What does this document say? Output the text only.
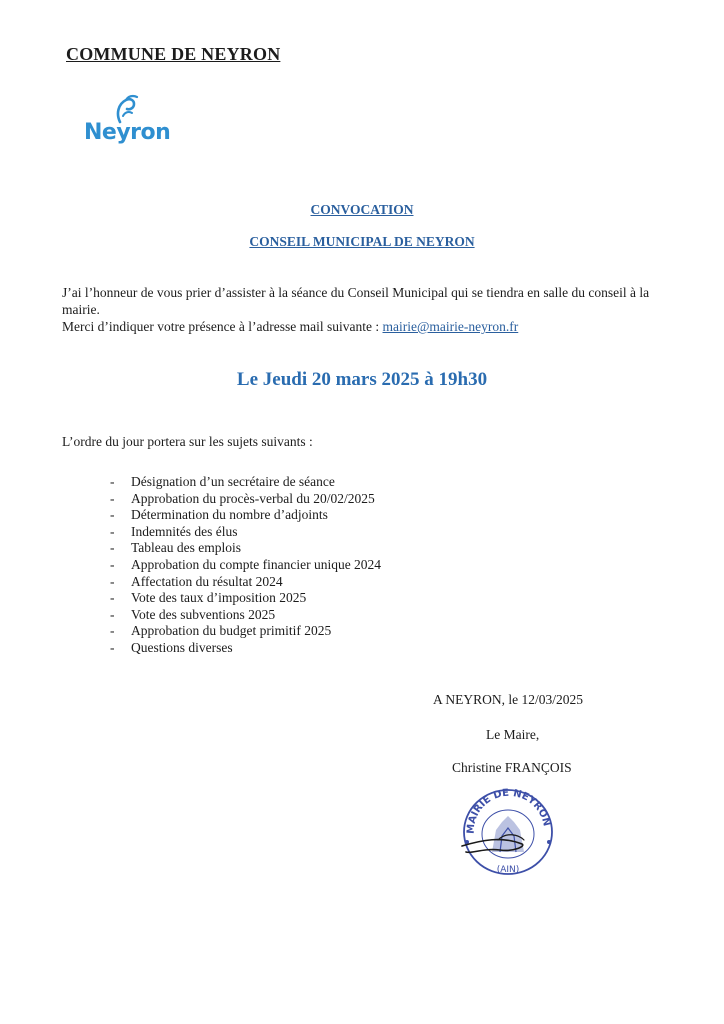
COMMUNE DE NEYRON
Neyron
CONVOCATION
CONSEIL MUNICIPAL DE NEYRON
J’ai l’honneur de vous prier d’assister à la séance du Conseil Municipal qui se tiendra en salle du conseil à la mairie.
Merci d’indiquer votre présence à l’adresse mail suivante : mairie@mairie-neyron.fr
Le Jeudi 20 mars 2025 à 19h30
L’ordre du jour portera sur les sujets suivants :
- Désignation d’un secrétaire de séance
- Approbation du procès-verbal du 20/02/2025
- Détermination du nombre d’adjoints
- Indemnités des élus
- Tableau des emplois
- Approbation du compte financier unique 2024
- Affectation du résultat 2024
- Vote des taux d’imposition 2025
- Vote des subventions 2025
- Approbation du budget primitif 2025
- Questions diverses
A NEYRON, le 12/03/2025
Le Maire,
Christine FRANÇOIS
MAIRIE DE NEYRON
(AIN)
